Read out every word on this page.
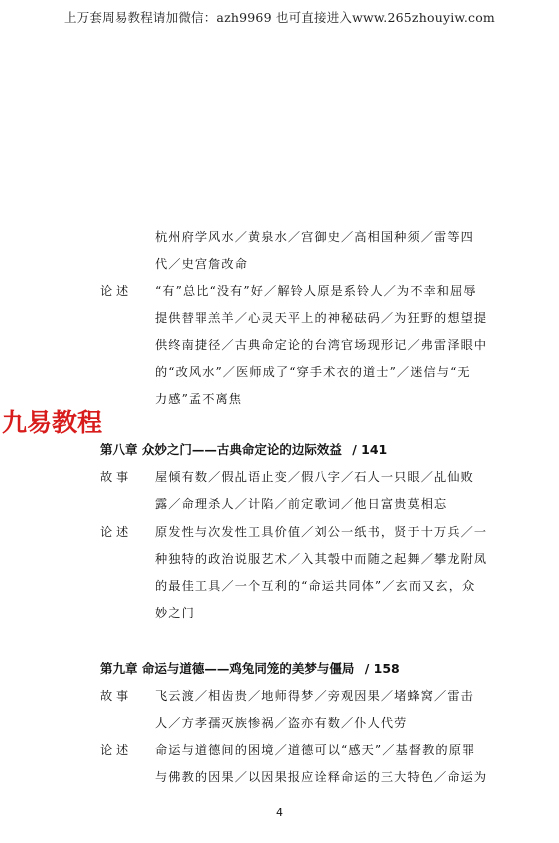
上万套周易教程请加微信：azh9969 也可直接进入www.265zhouyiw.com
杭州府学风水／黄泉水／宫御史／高相国种须／雷等四
代／史宫詹改命
论 述 “有”总比“没有”好／解铃人原是系铃人／为不幸和屈辱
提供替罪羔羊／心灵天平上的神秘砝码／为狂野的想望提
供终南捷径／古典命定论的台湾官场现形记／弗雷泽眼中
的“改风水”／医师成了“穿手术衣的道士”／迷信与“无
力感”孟不离焦
九易教程
第八章 众妙之门——古典命定论的边际效益 / 141
故 事 屋倾有数／假乩语止变／假八字／石人一只眼／乩仙败
露／命理杀人／计陷／前定歌词／他日富贵莫相忘
论 述 原发性与次发性工具价值／刘公一纸书，贤于十万兵／一
种独特的政治说服艺术／入其彀中而随之起舞／攀龙附凤
的最佳工具／一个互利的“命运共同体”／玄而又玄，众
妙之门
第九章 命运与道德——鸡兔同笼的美梦与僵局 / 158
故 事 飞云渡／相齿贵／地师得梦／旁观因果／堵蜂窝／雷击
人／方孝孺灭族惨祸／盗亦有数／仆人代劳
论 述 命运与道德间的困境／道德可以“感天”／基督教的原罪
与佛教的因果／以因果报应诠释命运的三大特色／命运为
4
